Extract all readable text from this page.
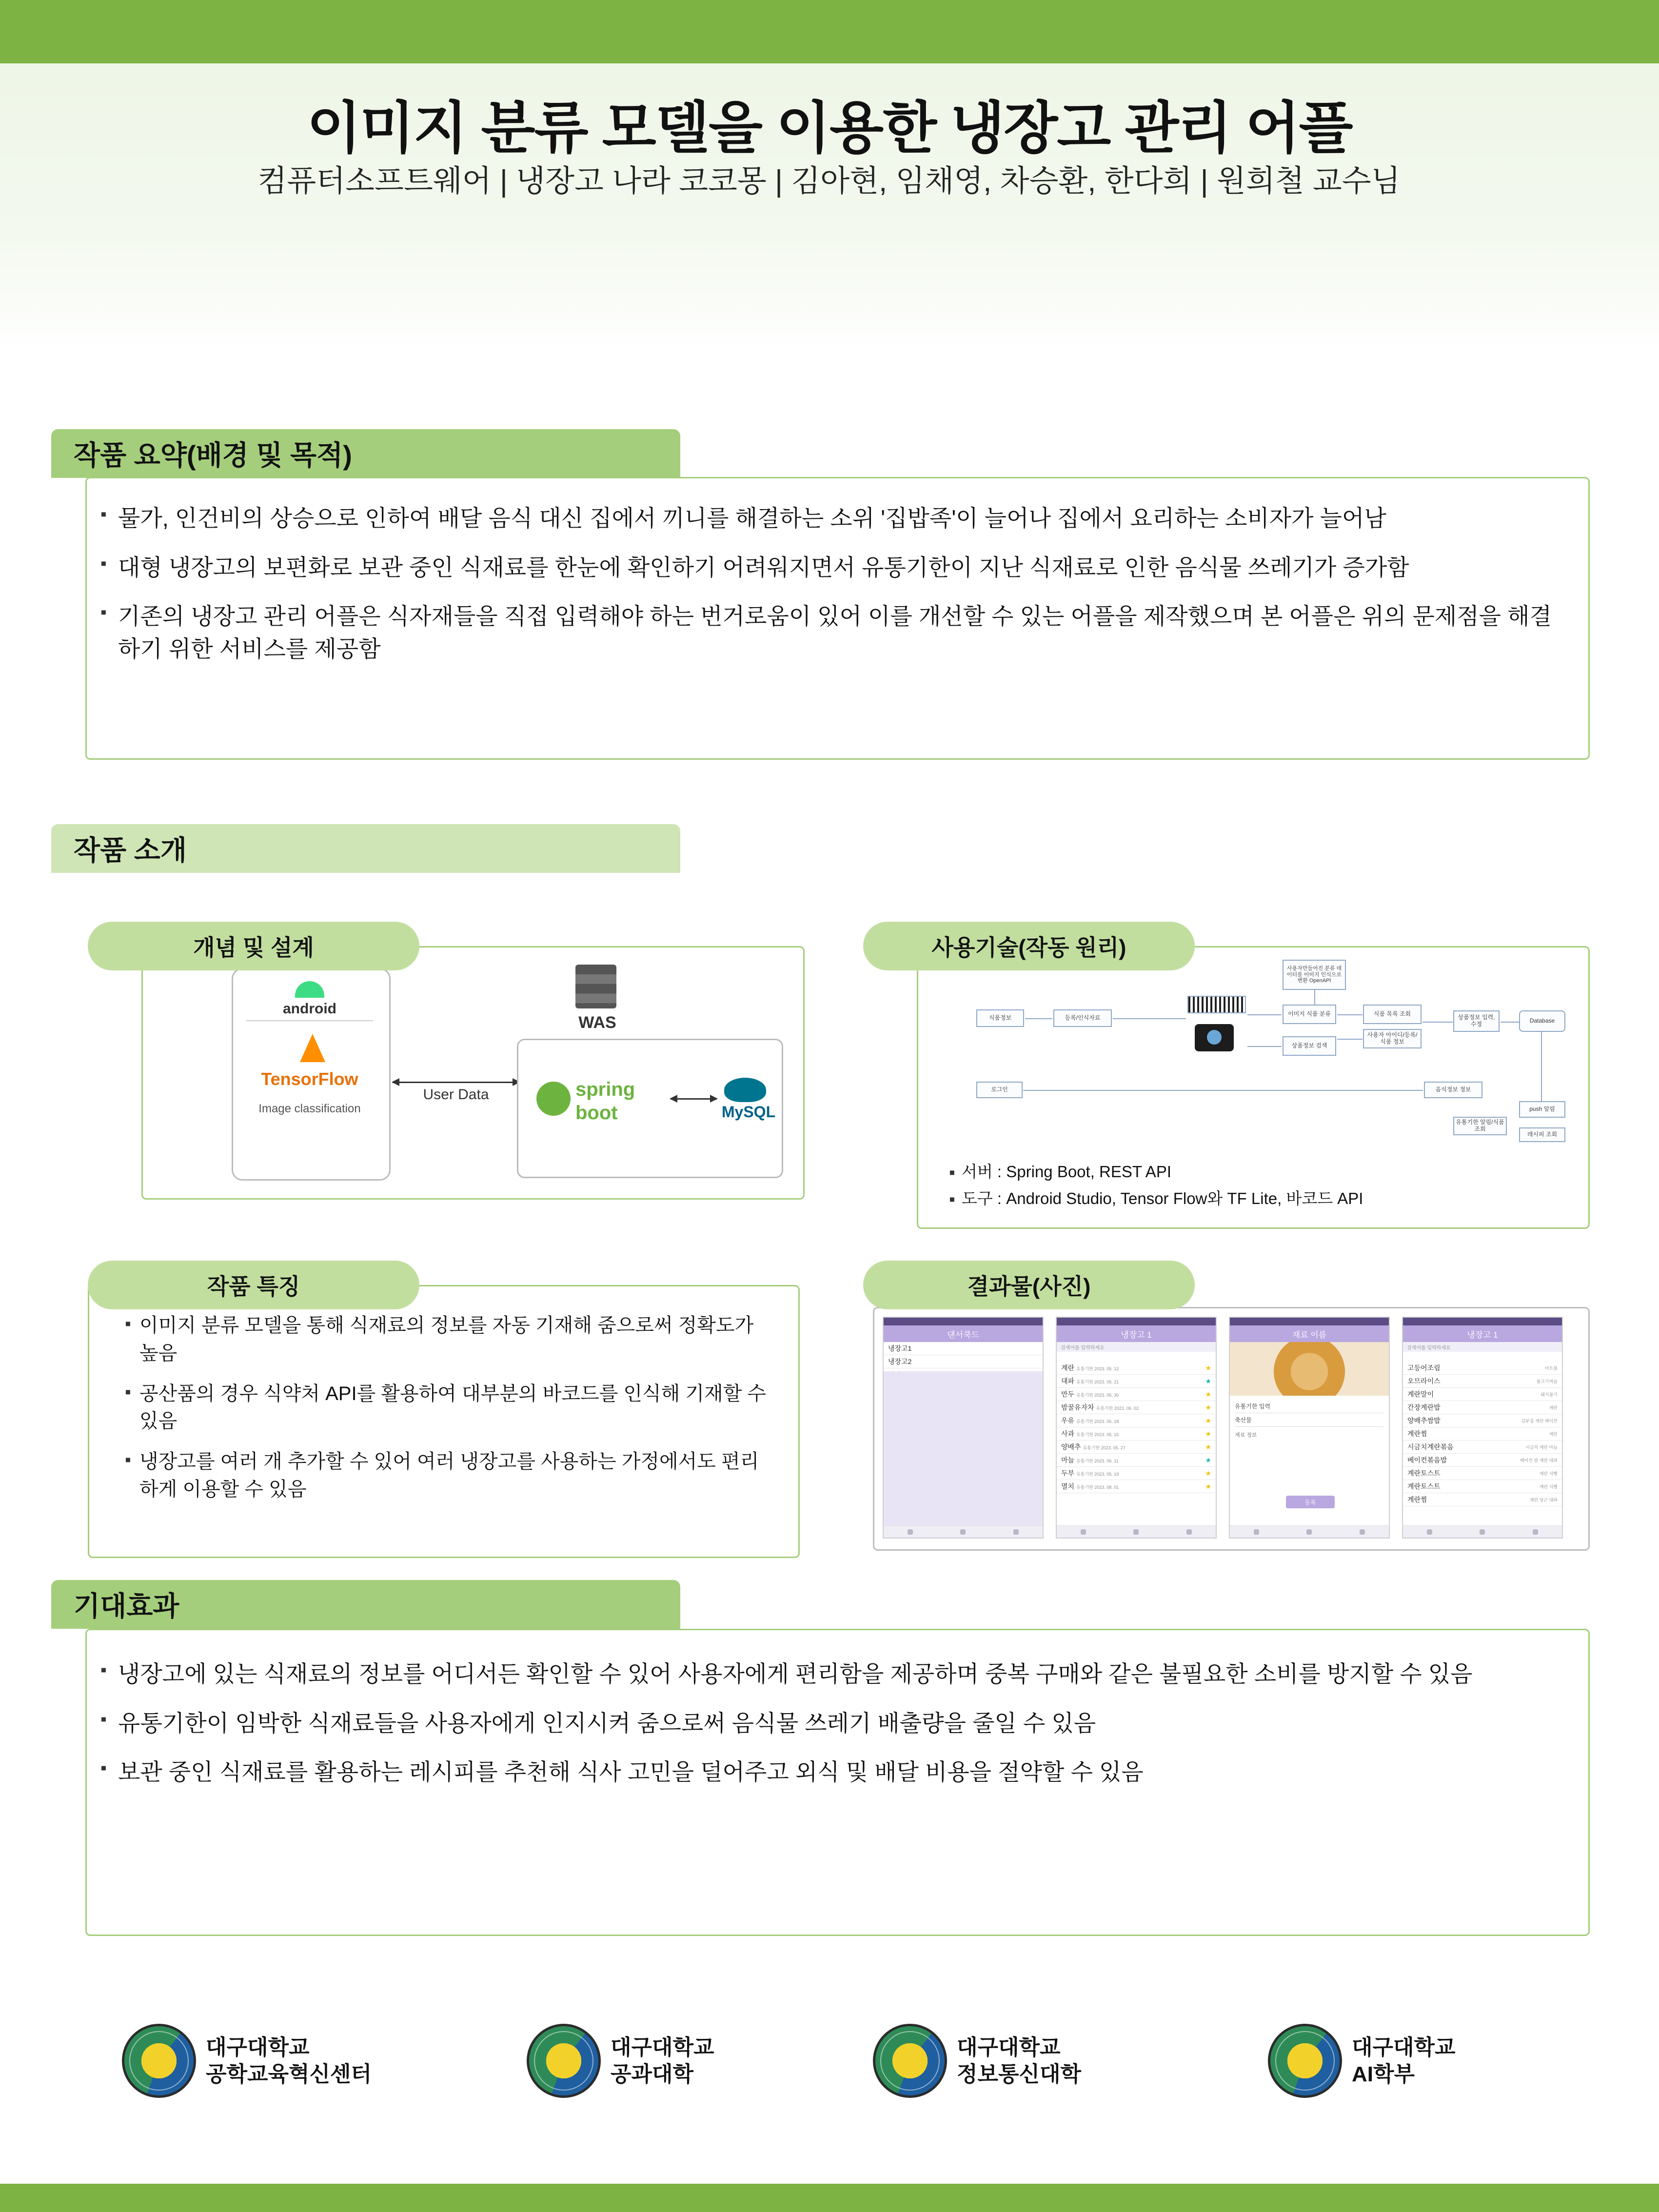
이미지 분류 모델을 이용한 냉장고 관리 어플
컴퓨터소프트웨어 | 냉장고 나라 코코몽 | 김아현, 임채영, 차승환, 한다희 | 원희철 교수님
작품 요약(배경 및 목적)
▪ 물가, 인건비의 상승으로 인하여 배달 음식 대신 집에서 끼니를 해결하는 소위 '집밥족'이 늘어나 집에서 요리하는 소비자가 늘어남
▪ 대형 냉장고의 보편화로 보관 중인 식재료를 한눈에 확인하기 어려워지면서 유통기한이 지난 식재료로 인한 음식물 쓰레기가 증가함
▪ 기존의 냉장고 관리 어플은 식자재들을 직접 입력해야 하는 번거로움이 있어 이를 개선할 수 있는 어플을 제작했으며 본 어플은 위의 문제점을 해결하기 위한 서비스를 제공함
작품 소개
개념 및 설계
android
TensorFlow
Image classification
User Data
WAS
spring
boot	MySQL
사용기술(작동 원리)
사용자만들어진 분류 데이터를 이미지 인식으로 변환 OpenAPI
식품정보	등록/인식자료
이미지 식품 분류
상품정보 검색
식품 목록 조회
사용자 아이디/등록/식품 정보
상품정보 입력, 수정	Database
로그인	음식정보 정보
push 알림
유통기한 알림/식품 조회
레시피 조회
▪ 서버 : Spring Boot, REST API
▪ 도구 : Android Studio, Tensor Flow와 TF Lite, 바코드 API
작품 특징
▪ 이미지 분류 모델을 통해 식재료의 정보를 자동 기재해 줌으로써 정확도가 높음
▪ 공산품의 경우 식약처 API를 활용하여 대부분의 바코드를 인식해 기재할 수 있음
▪ 냉장고를 여러 개 추가할 수 있어 여러 냉장고를 사용하는 가정에서도 편리하게 이용할 수 있음
결과물(사진)
댄서쿡드
냉장고1
냉장고2
냉장고 1
검색어를 입력하세요
계란 유통기한 2023. 05. 12	★
대파 유통기한 2023. 05. 21	★
만두 유통기한 2023. 05. 30	★
밤꿀유자차 유통기한 2023. 06. 02	★
우유 유통기한 2023. 05. 18	★
사과 유통기한 2023. 05. 15	★
양배추 유통기한 2023. 05. 27	★
마늘 유통기한 2023. 06. 11	★
두부 유통기한 2023. 05. 19	★
멸치 유통기한 2023. 08. 01	★
재료 이름
유통기한 입력
축산물
재료 정보
등록
냉장고 1
검색어를 입력하세요
고등어조림	미트볼
오므라이스	불고기버슬
계란말이	돼지불기
간장계란밥	계란
양배추쌈밥	김부침 계란 베이컨
계란찜	계란
시금치계란볶음	시금치 계란 마늘
베이컨볶음밥	베이컨 밥 계란 대파
계란토스트	계란 식빵
계란토스트	계란 식빵
계란찜	계란 당근 대파
기대효과
▪ 냉장고에 있는 식재료의 정보를 어디서든 확인할 수 있어 사용자에게 편리함을 제공하며 중복 구매와 같은 불필요한 소비를 방지할 수 있음
▪ 유통기한이 임박한 식재료들을 사용자에게 인지시켜 줌으로써 음식물 쓰레기 배출량을 줄일 수 있음
▪ 보관 중인 식재료를 활용하는 레시피를 추천해 식사 고민을 덜어주고 외식 및 배달 비용을 절약할 수 있음
대구대학교
공학교육혁신센터
대구대학교
공과대학
대구대학교
정보통신대학
대구대학교
AI학부
